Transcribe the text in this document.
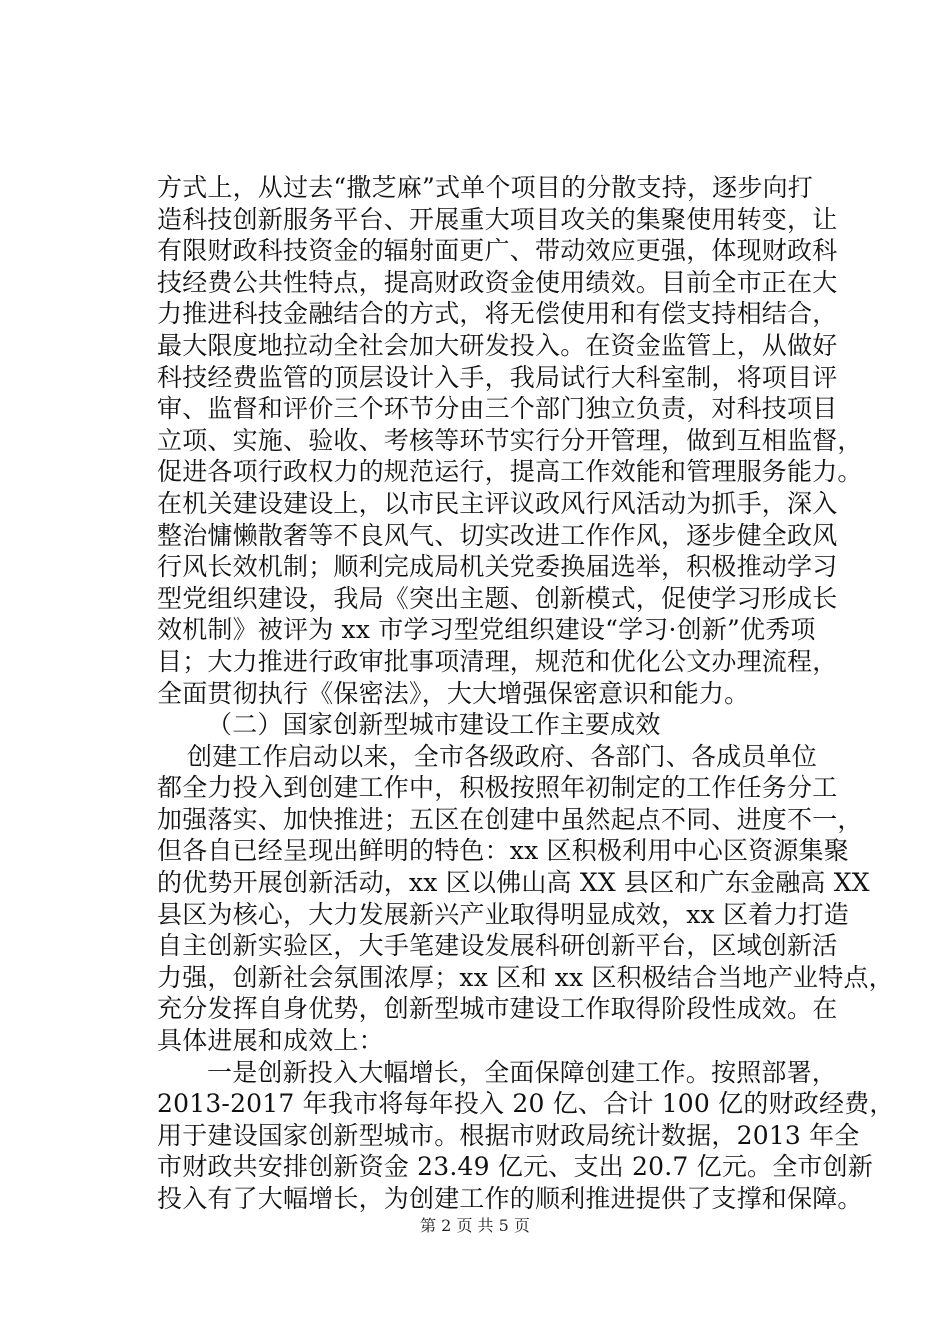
方式上，从过去“撒芝麻”式单个项目的分散支持，逐步向打
造科技创新服务平台、开展重大项目攻关的集聚使用转变，让
有限财政科技资金的辐射面更广、带动效应更强，体现财政科
技经费公共性特点，提高财政资金使用绩效。目前全市正在大
力推进科技金融结合的方式，将无偿使用和有偿支持相结合，
最大限度地拉动全社会加大研发投入。在资金监管上，从做好
科技经费监管的顶层设计入手，我局试行大科室制，将项目评
审、监督和评价三个环节分由三个部门独立负责，对科技项目
立项、实施、验收、考核等环节实行分开管理，做到互相监督，
促进各项行政权力的规范运行，提高工作效能和管理服务能力。
在机关建设建设上，以市民主评议政风行风活动为抓手，深入
整治慵懒散奢等不良风气、切实改进工作作风，逐步健全政风
行风长效机制；顺利完成局机关党委换届选举，积极推动学习
型党组织建设，我局《突出主题、创新模式，促使学习形成长
效机制》被评为 xx 市学习型党组织建设“学习·创新”优秀项
目；大力推进行政审批事项清理，规范和优化公文办理流程，
全面贯彻执行《保密法》，大大增强保密意识和能力。
（二）国家创新型城市建设工作主要成效
创建工作启动以来，全市各级政府、各部门、各成员单位
都全力投入到创建工作中，积极按照年初制定的工作任务分工
加强落实、加快推进；五区在创建中虽然起点不同、进度不一，
但各自已经呈现出鲜明的特色：xx 区积极利用中心区资源集聚
的优势开展创新活动，xx 区以佛山高 XX 县区和广东金融高 XX
县区为核心，大力发展新兴产业取得明显成效，xx 区着力打造
自主创新实验区，大手笔建设发展科研创新平台，区域创新活
力强，创新社会氛围浓厚；xx 区和 xx 区积极结合当地产业特点，
充分发挥自身优势，创新型城市建设工作取得阶段性成效。在
具体进展和成效上：
一是创新投入大幅增长，全面保障创建工作。按照部署，
2013-2017 年我市将每年投入 20 亿、合计 100 亿的财政经费，
用于建设国家创新型城市。根据市财政局统计数据，2013 年全
市财政共安排创新资金 23.49 亿元、支出 20.7 亿元。全市创新
投入有了大幅增长，为创建工作的顺利推进提供了支撑和保障。
第 2 页 共 5 页
